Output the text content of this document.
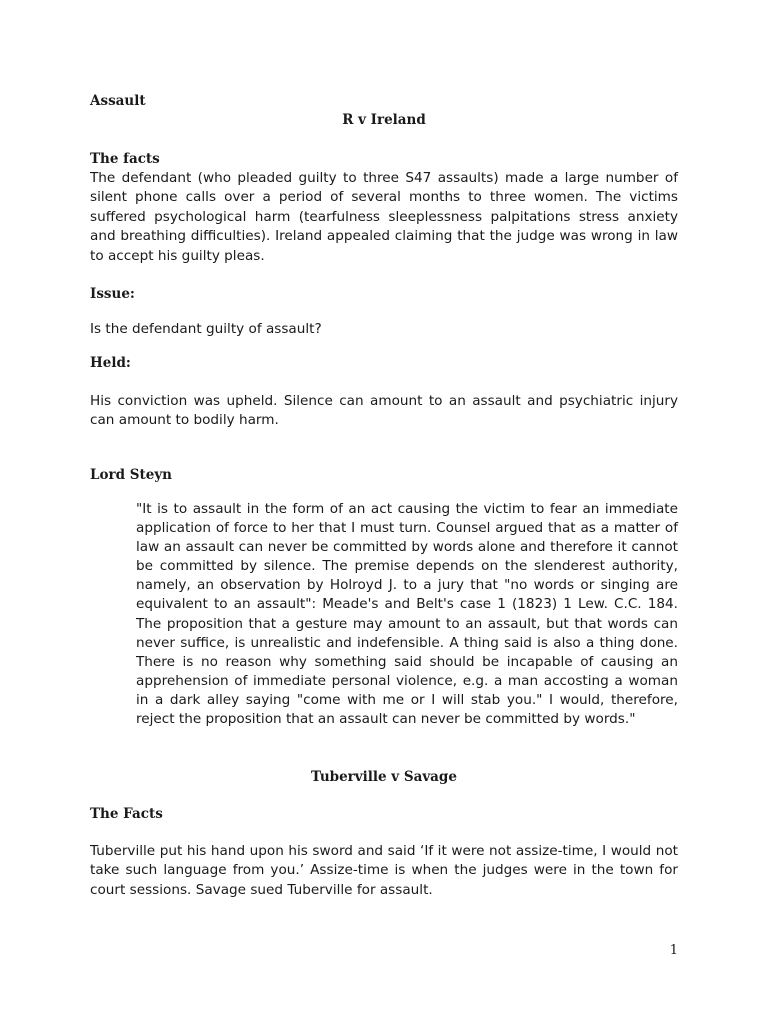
Assault
R v Ireland
The facts

The defendant (who pleaded guilty to three S47 assaults) made a large number of silent phone calls over a period of several months to three women. The victims suffered psychological harm (tearfulness sleeplessness palpitations stress anxiety and breathing difficulties). Ireland appealed claiming that the judge was wrong in law to accept his guilty pleas.

Issue:

Is the defendant guilty of assault?

Held:

His conviction was upheld. Silence can amount to an assault and psychiatric injury can amount to bodily harm.

Lord Steyn
"It is to assault in the form of an act causing the victim to fear an immediate application of force to her that I must turn. Counsel argued that as a matter of law an assault can never be committed by words alone and therefore it cannot be committed by silence. The premise depends on the slenderest authority, namely, an observation by Holroyd J. to a jury that "no words or singing are equivalent to an assault": Meade's and Belt's case 1 (1823) 1 Lew. C.C. 184. The proposition that a gesture may amount to an assault, but that words can never suffice, is unrealistic and indefensible. A thing said is also a thing done. There is no reason why something said should be incapable of causing an apprehension of immediate personal violence, e.g. a man accosting a woman in a dark alley saying "come with me or I will stab you." I would, therefore, reject the proposition that an assault can never be committed by words."
Tuberville v Savage
The Facts

Tuberville put his hand upon his sword and said ‘If it were not assize-time, I would not take such language from you.’ Assize-time is when the judges were in the town for court sessions. Savage sued Tuberville for assault.

1
